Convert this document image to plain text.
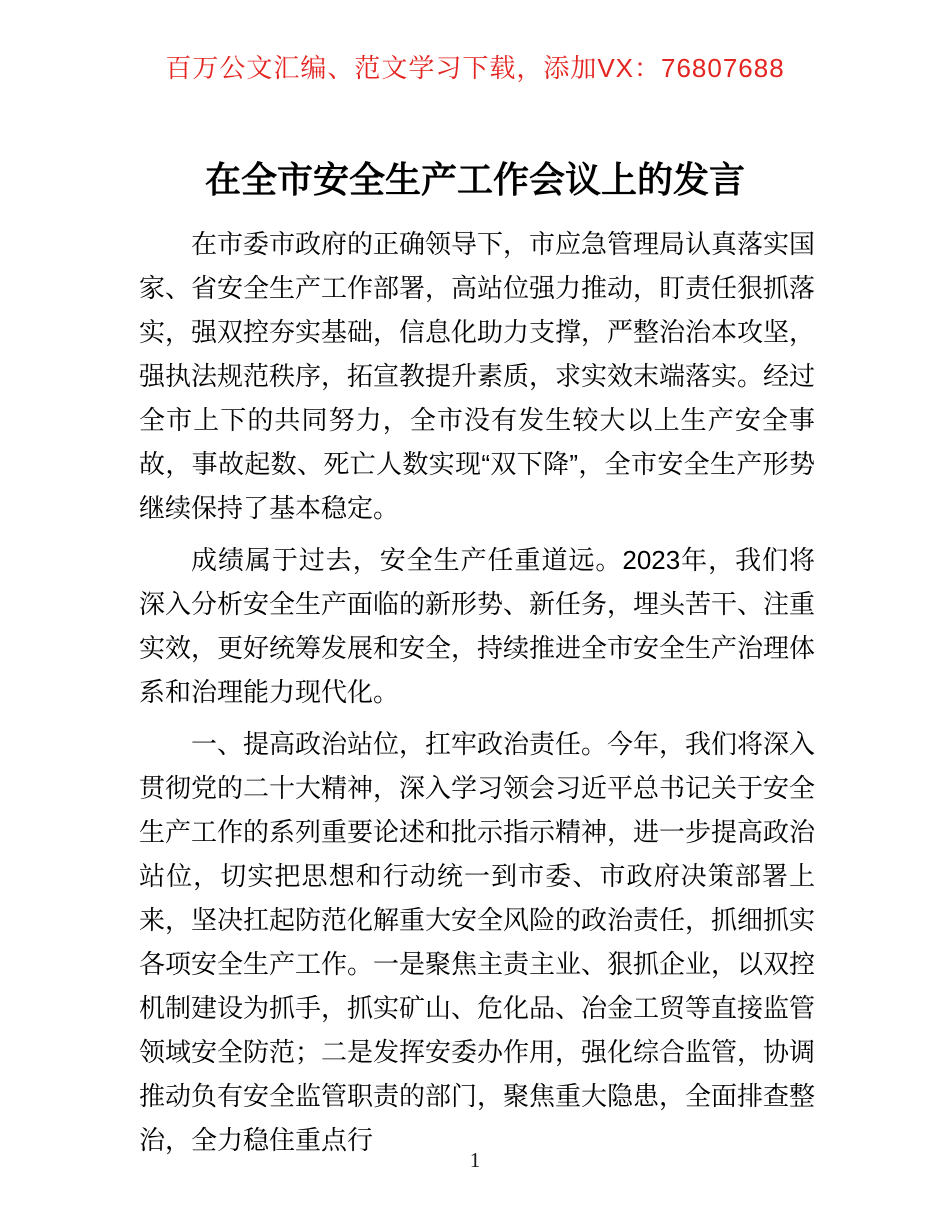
百万公文汇编、范文学习下载，添加VX：76807688
在全市安全生产工作会议上的发言

在市委市政府的正确领导下，市应急管理局认真落实国家、省安全生产工作部署，高站位强力推动，盯责任狠抓落实，强双控夯实基础，信息化助力支撑，严整治治本攻坚，强执法规范秩序，拓宣教提升素质，求实效末端落实。经过全市上下的共同努力，全市没有发生较大以上生产安全事故，事故起数、死亡人数实现“双下降”，全市安全生产形势继续保持了基本稳定。

成绩属于过去，安全生产任重道远。2023年，我们将深入分析安全生产面临的新形势、新任务，埋头苦干、注重实效，更好统筹发展和安全，持续推进全市安全生产治理体系和治理能力现代化。

一、提高政治站位，扛牢政治责任。今年，我们将深入贯彻党的二十大精神，深入学习领会习近平总书记关于安全生产工作的系列重要论述和批示指示精神，进一步提高政治站位，切实把思想和行动统一到市委、市政府决策部署上来，坚决扛起防范化解重大安全风险的政治责任，抓细抓实各项安全生产工作。一是聚焦主责主业、狠抓企业，以双控机制建设为抓手，抓实矿山、危化品、冶金工贸等直接监管领域安全防范；二是发挥安委办作用，强化综合监管，协调推动负有安全监管职责的部门，聚焦重大隐患，全面排查整治，全力稳住重点行

1
